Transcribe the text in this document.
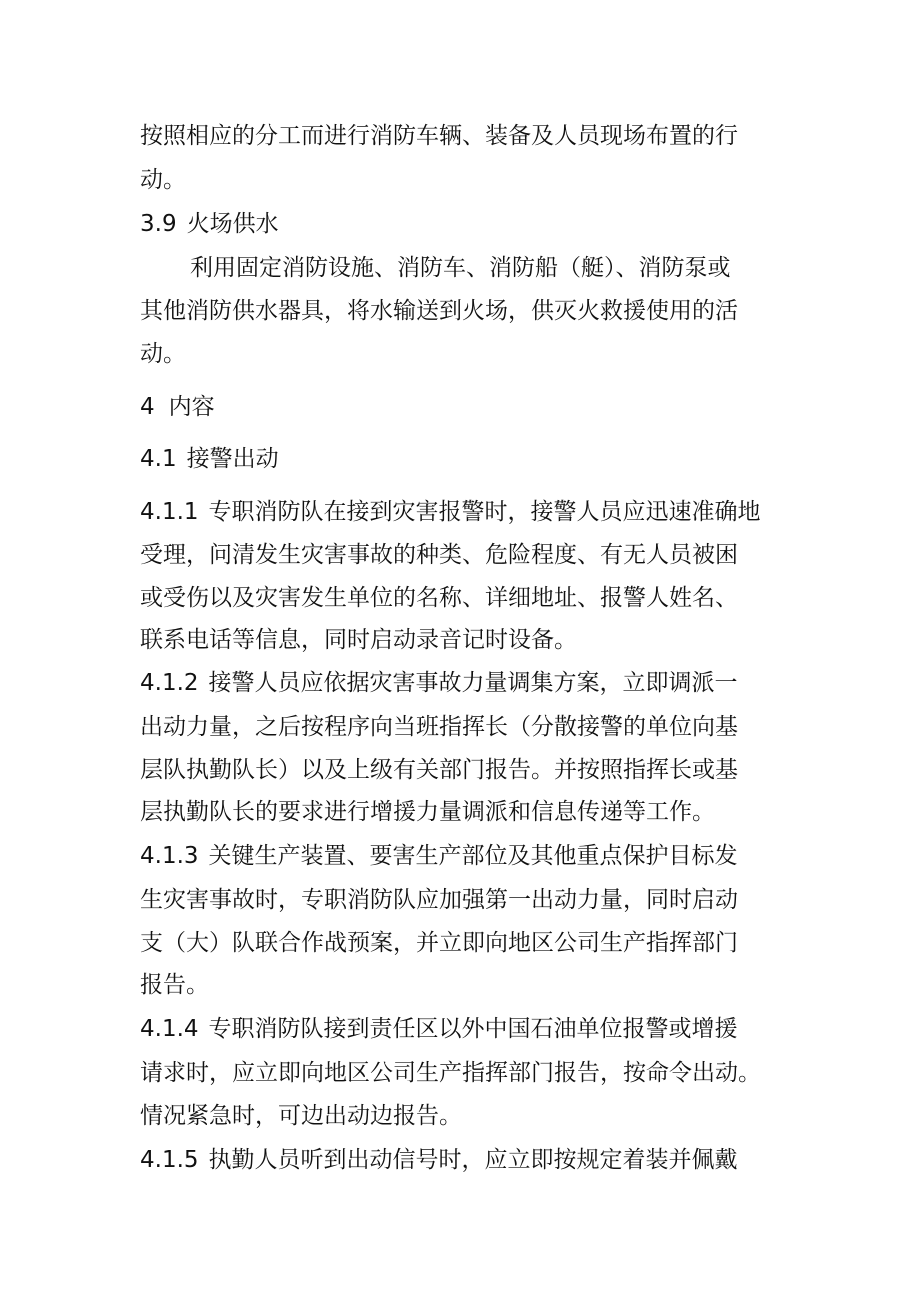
按照相应的分工而进行消防车辆、装备及人员现场布置的行
动。
3.9 火场供水
利用固定消防设施、消防车、消防船（艇）、消防泵或
其他消防供水器具，将水输送到火场，供灭火救援使用的活
动。
4 内容
4.1 接警出动
4.1.1 专职消防队在接到灾害报警时，接警人员应迅速准确地
受理，问清发生灾害事故的种类、危险程度、有无人员被困
或受伤以及灾害发生单位的名称、详细地址、报警人姓名、
联系电话等信息，同时启动录音记时设备。
4.1.2 接警人员应依据灾害事故力量调集方案，立即调派一
出动力量，之后按程序向当班指挥长（分散接警的单位向基
层队执勤队长）以及上级有关部门报告。并按照指挥长或基
层执勤队长的要求进行增援力量调派和信息传递等工作。
4.1.3 关键生产装置、要害生产部位及其他重点保护目标发
生灾害事故时，专职消防队应加强第一出动力量，同时启动
支（大）队联合作战预案，并立即向地区公司生产指挥部门
报告。
4.1.4 专职消防队接到责任区以外中国石油单位报警或增援
请求时，应立即向地区公司生产指挥部门报告，按命令出动。
情况紧急时，可边出动边报告。
4.1.5 执勤人员听到出动信号时，应立即按规定着装并佩戴
